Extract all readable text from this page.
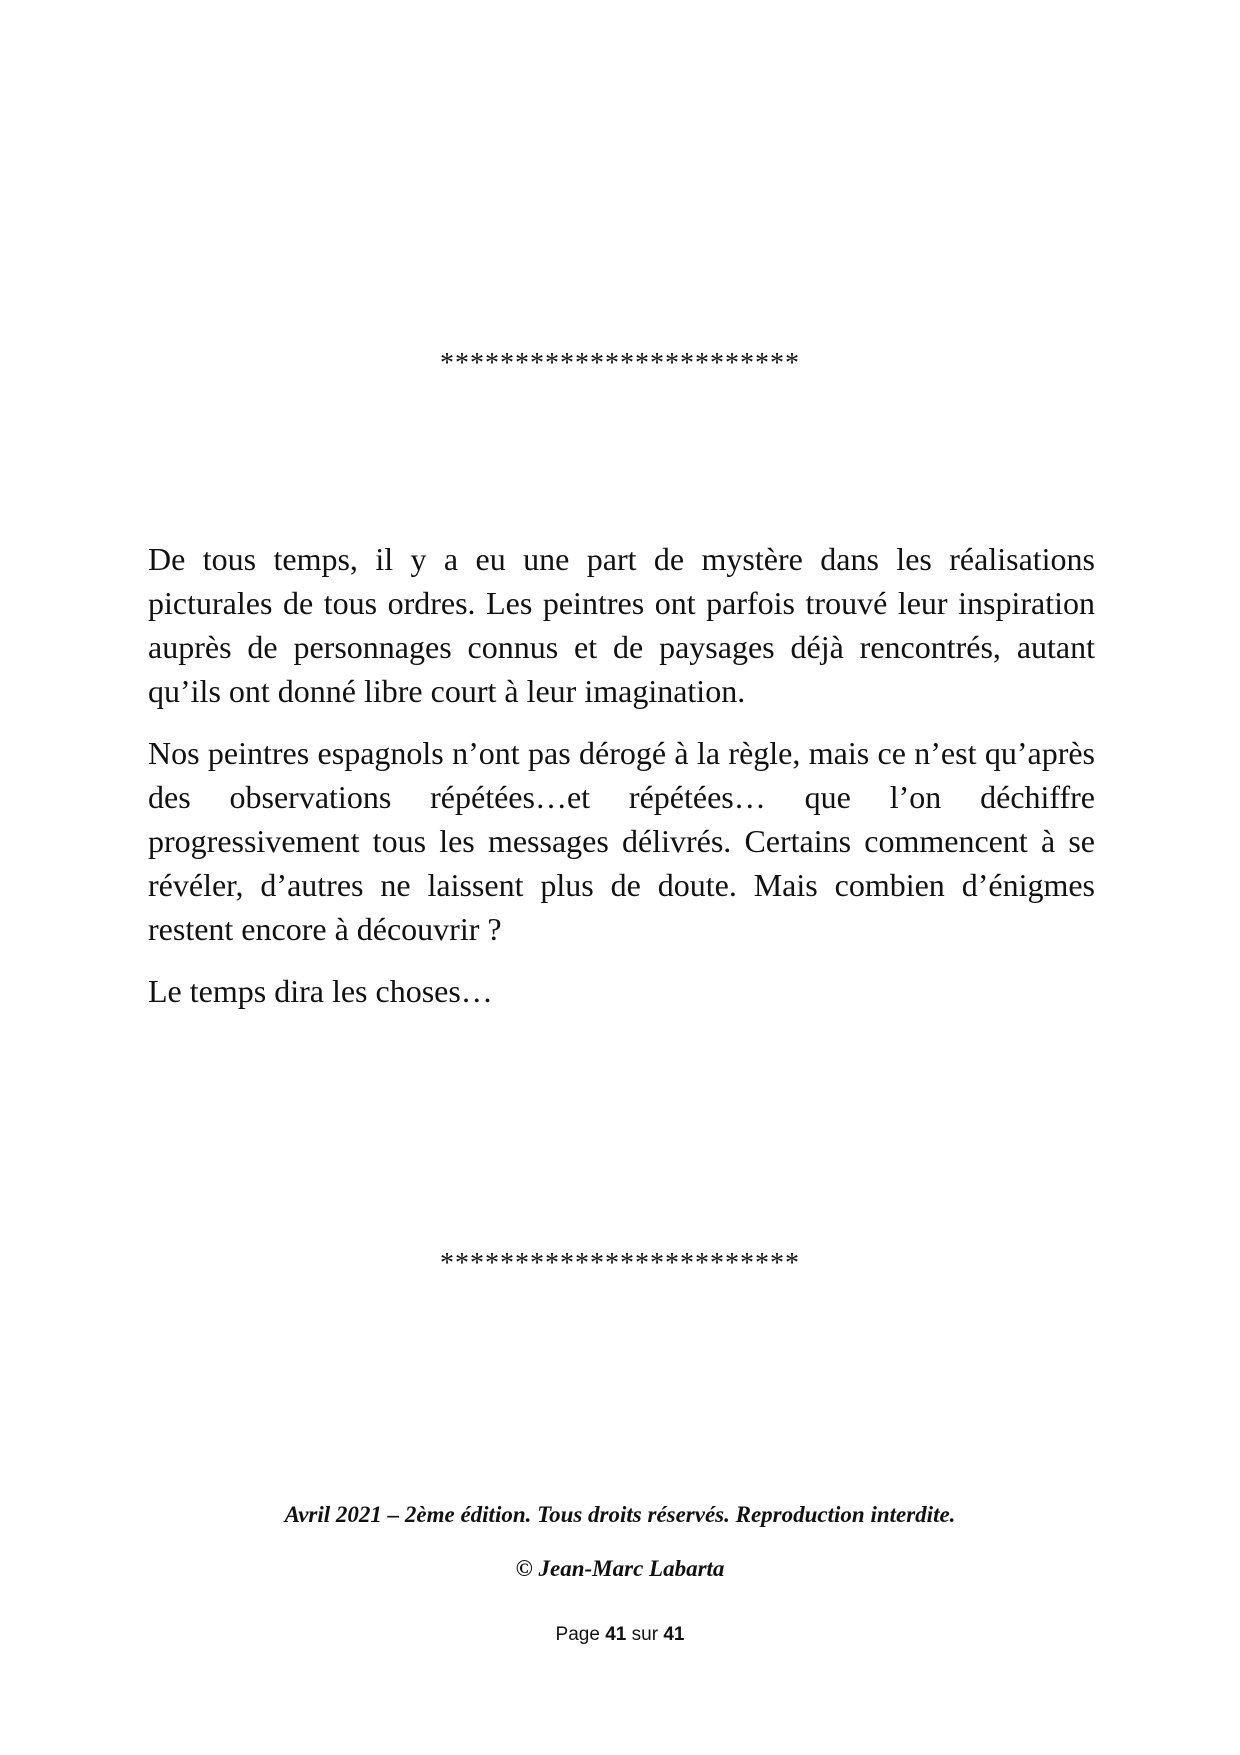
************************

De tous temps, il y a eu une part de mystère dans les réalisations picturales de tous ordres. Les peintres ont parfois trouvé leur inspiration auprès de personnages connus et de paysages déjà rencontrés, autant qu’ils ont donné libre court à leur imagination.

Nos peintres espagnols n’ont pas dérogé à la règle, mais ce n’est qu’après des observations répétées…et répétées… que l’on déchiffre progressivement tous les messages délivrés. Certains commencent à se révéler, d’autres ne laissent plus de doute. Mais combien d’énigmes restent encore à découvrir ?

Le temps dira les choses…

************************
Avril 2021 – 2ème édition. Tous droits réservés. Reproduction interdite.
© Jean-Marc Labarta
Page 41 sur 41
